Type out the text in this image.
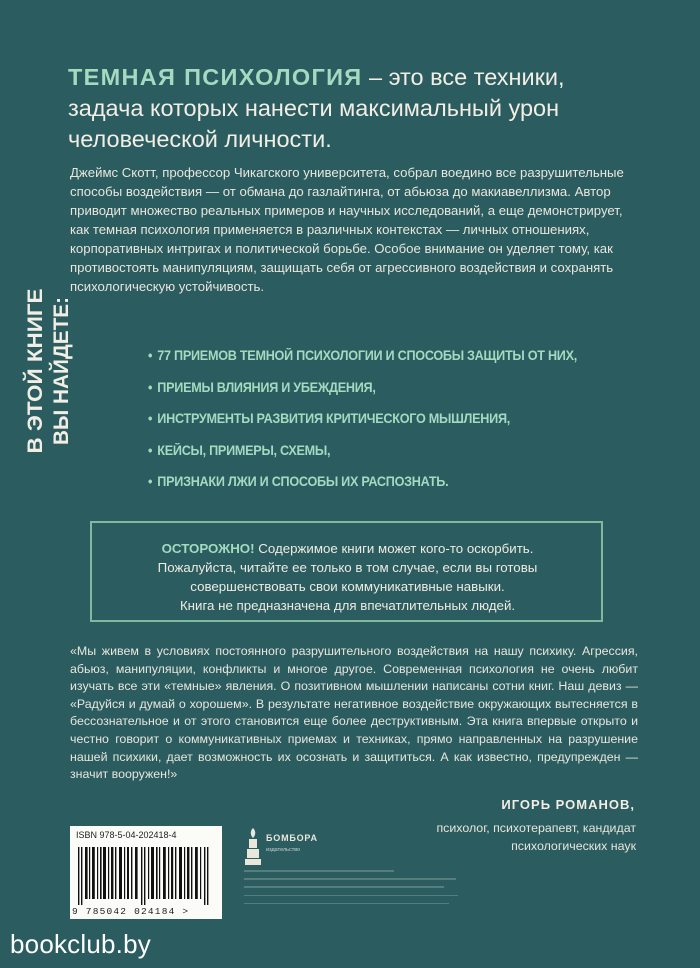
ТЕМНАЯ ПСИХОЛОГИЯ – это все техники,
задача которых нанести максимальный урон
человеческой личности.
Джеймс Скотт, профессор Чикагского университета, собрал воедино все разрушительные способы воздействия — от обмана до газлайтинга, от абьюза до макиавеллизма. Автор приводит множество реальных примеров и научных исследований, а еще демонстрирует, как темная психология применяется в различных контекстах — личных отношениях, корпоративных интригах и политической борьбе. Особое внимание он уделяет тому, как противостоять манипуляциям, защищать себя от агрессивного воздействия и сохранять психологическую устойчивость.
В ЭТОЙ КНИГЕ ВЫ НАЙДЕТЕ:	• 77 ПРИЕМОВ ТЕМНОЙ ПСИХОЛОГИИ И СПОСОБЫ ЗАЩИТЫ ОТ НИХ,
• ПРИЕМЫ ВЛИЯНИЯ И УБЕЖДЕНИЯ,
• ИНСТРУМЕНТЫ РАЗВИТИЯ КРИТИЧЕСКОГО МЫШЛЕНИЯ,
• КЕЙСЫ, ПРИМЕРЫ, СХЕМЫ,
• ПРИЗНАКИ ЛЖИ И СПОСОБЫ ИХ РАСПОЗНАТЬ.
ОСТОРОЖНО! Содержимое книги может кого-то оскорбить.
Пожалуйста, читайте ее только в том случае, если вы готовы
совершенствовать свои коммуникативные навыки.
Книга не предназначена для впечатлительных людей.
«Мы живем в условиях постоянного разрушительного воздействия на нашу психику. Агрессия, абьюз, манипуляции, конфликты и многое другое. Современная психология не очень любит изучать все эти «темные» явления. О позитивном мышлении написаны сотни книг. Наш девиз — «Радуйся и думай о хорошем». В результате негативное воздействие окружающих вытесняется в бессознательное и от этого становится еще более деструктивным. Эта книга впервые открыто и честно говорит о коммуникативных приемах и техниках, прямо направленных на разрушение нашей психики, дает возможность их осознать и защититься. А как известно, предупрежден — значит вооружен!»
ИГОРЬ РОМАНОВ,
психолог, психотерапевт, кандидат
психологических наук
ISBN 978-5-04-202418-4
9 785042 024184 >
БОМБОРА
издательство
bookclub.by
